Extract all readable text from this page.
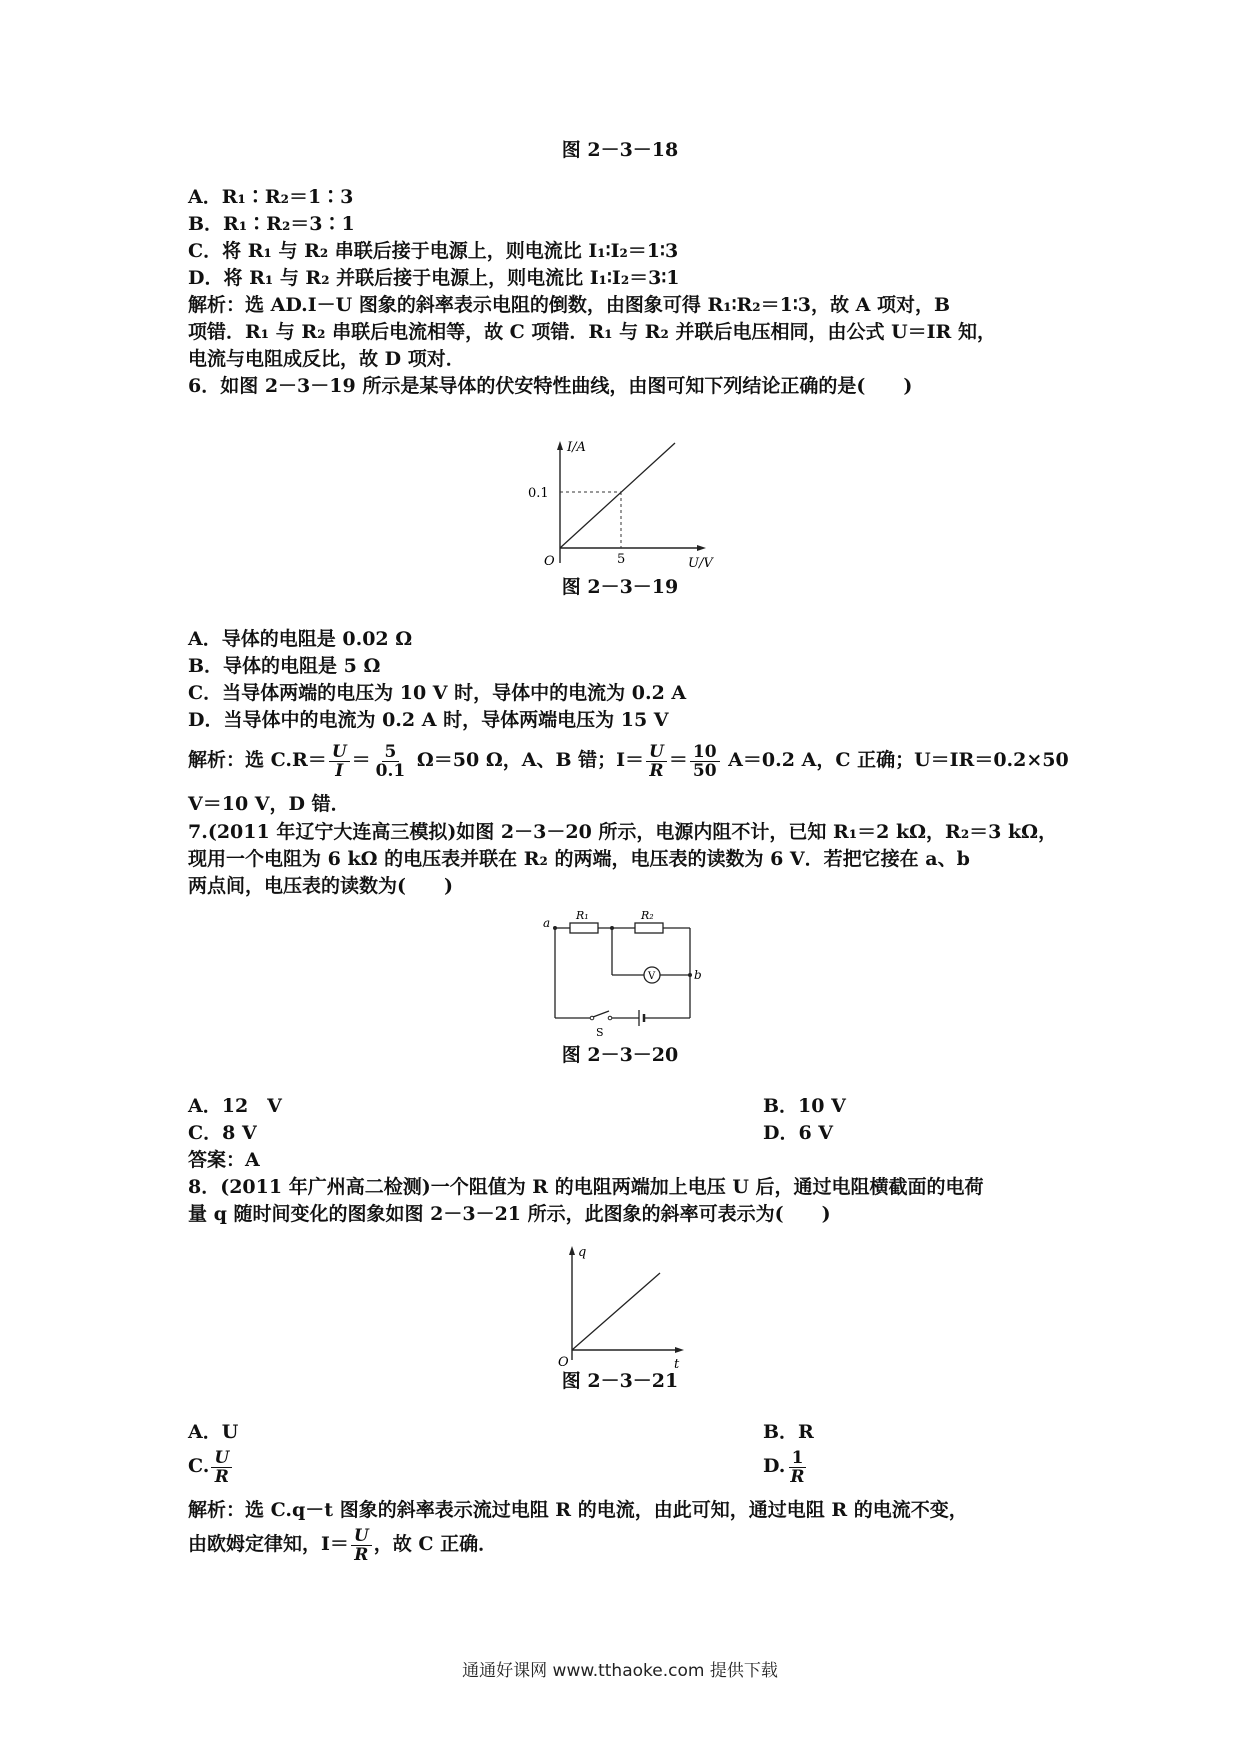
图 2－3－18
A．R₁∶R₂＝1∶3
B．R₁∶R₂＝3∶1
C．将 R₁ 与 R₂ 串联后接于电源上，则电流比 I₁∶I₂＝1∶3
D．将 R₁ 与 R₂ 并联后接于电源上，则电流比 I₁∶I₂＝3∶1
解析：选 AD.I－U 图象的斜率表示电阻的倒数，由图象可得 R₁∶R₂＝1∶3，故 A 项对，B
项错．R₁ 与 R₂ 串联后电流相等，故 C 项错．R₁ 与 R₂ 并联后电压相同，由公式 U＝IR 知，
电流与电阻成反比，故 D 项对．
6．如图 2－3－19 所示是某导体的伏安特性曲线，由图可知下列结论正确的是(　　)
I/A
U/V
O
0.1
5
图 2－3－19
A．导体的电阻是 0.02 Ω
B．导体的电阻是 5 Ω
C．当导体两端的电压为 10 V 时，导体中的电流为 0.2 A
D．当导体中的电流为 0.2 A 时，导体两端电压为 15 V
解析：选 $C.R= \frac{U}{I} = \frac{5}{0.1} \Omega=50$ Ω，A、B 错；$I= \frac{U}{R} = \frac{10}{50} A=0.2$ A，C 正确；U＝IR＝0.2×50
V＝10 V，D 错．
7.(2011 年辽宁大连高三模拟)如图 2－3－20 所示，电源内阻不计，已知 R₁＝2 kΩ，R₂＝3 kΩ，
现用一个电阻为 6 kΩ 的电压表并联在 R₂ 的两端，电压表的读数为 6 V．若把它接在 a、b
两点间，电压表的读数为(　　)
V
a
b
R₁	R₂
S
图 2－3－20
A．12　V	B．10 V
C．8 V	D．6 V
答案：A
8．(2011 年广州高二检测)一个阻值为 R 的电阻两端加上电压 U 后，通过电阻横截面的电荷
量 q 随时间变化的图象如图 2－3－21 所示，此图象的斜率可表示为(　　)
q
t
O
图 2－3－21
A．U	B．R
C. $\frac{U}{R}$	D. $\frac{1}{R}$
解析：选 C.q－t 图象的斜率表示流过电阻 R 的电流，由此可知，通过电阻 R 的电流不变，
由欧姆定律知，$I= \frac{U}{R}$ ，故 C 正确．
通通好课网 www.tthaoke.com 提供下载
